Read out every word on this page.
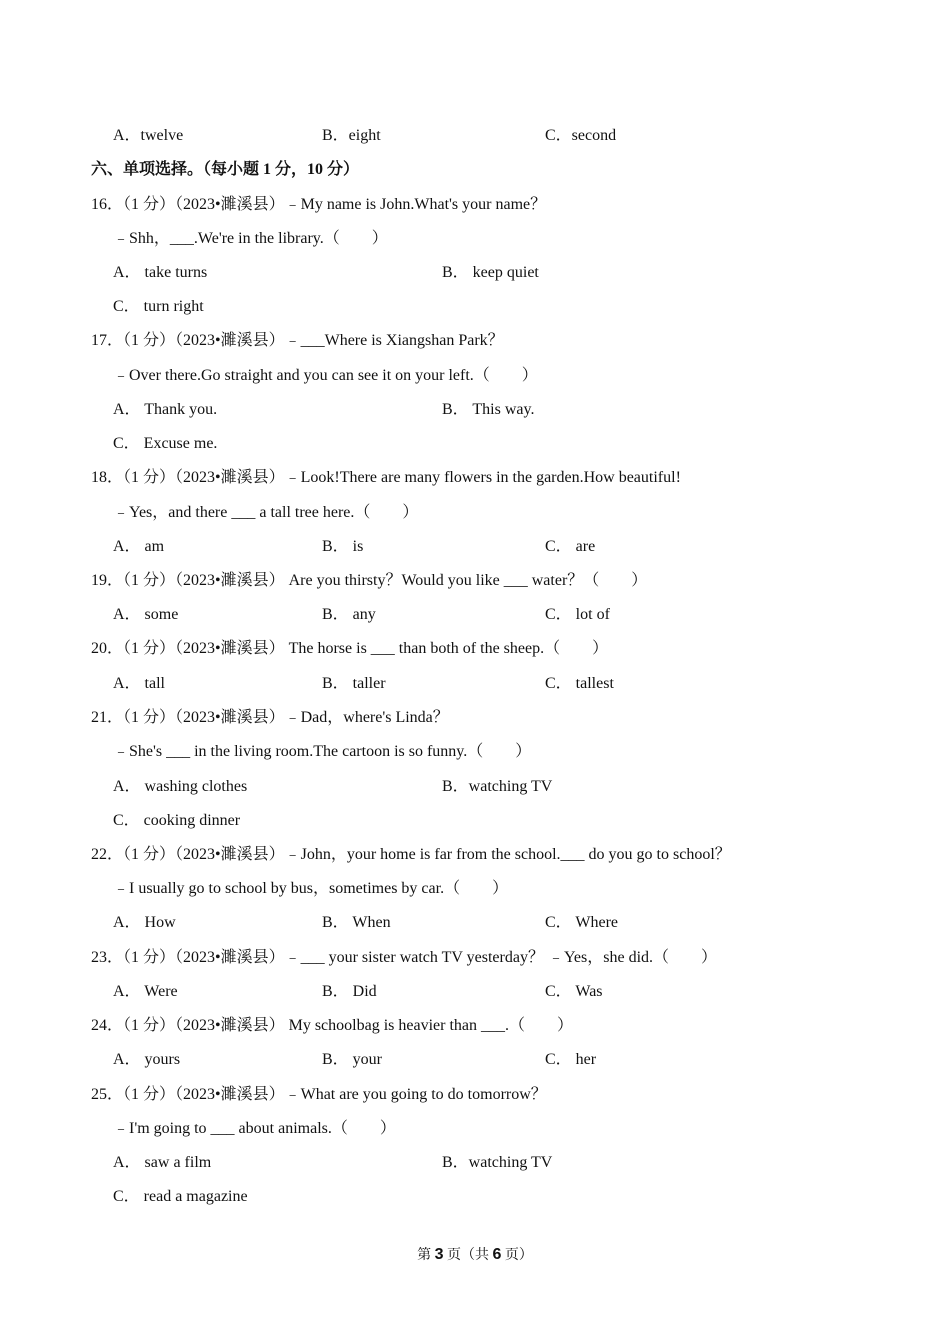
A．twelve	B．eight	C．second
六、单项选择。（每小题 1 分，10 分）
16．（1 分）（2023•濉溪县）﹣My name is John.What's your name？
﹣Shh，___.We're in the library.（　　）
A． take turns	B． keep quiet
C． turn right
17．（1 分）（2023•濉溪县）﹣___Where is Xiangshan Park？
﹣Over there.Go straight and you can see it on your left.（　　）
A． Thank you.	B． This way.
C． Excuse me.
18．（1 分）（2023•濉溪县）﹣Look!There are many flowers in the garden.How beautiful!
﹣Yes，and there ___ a tall tree here.（　　）
A． am	B． is	C． are
19．（1 分）（2023•濉溪县） Are you thirsty？Would you like ___ water？（　　）
A． some	B． any	C． lot of
20．（1 分）（2023•濉溪县） The horse is ___ than both of the sheep.（　　）
A． tall	B． taller	C． tallest
21．（1 分）（2023•濉溪县）﹣Dad，where's Linda？
﹣She's ___ in the living room.The cartoon is so funny.（　　）
A． washing clothes	B．watching TV
C． cooking dinner
22．（1 分）（2023•濉溪县）﹣John，your home is far from the school.___ do you go to school？
﹣I usually go to school by bus，sometimes by car.（　　）
A． How	B． When	C． Where
23．（1 分）（2023•濉溪县）﹣___ your sister watch TV yesterday？ ﹣Yes，she did.（　　）
A． Were	B． Did	C． Was
24．（1 分）（2023•濉溪县） My schoolbag is heavier than ___.（　　）
A． yours	B． your	C． her
25．（1 分）（2023•濉溪县）﹣What are you going to do tomorrow？
﹣I'm going to ___ about animals.（　　）
A． saw a film	B．watching TV
C． read a magazine
第 3 页（共 6 页）
